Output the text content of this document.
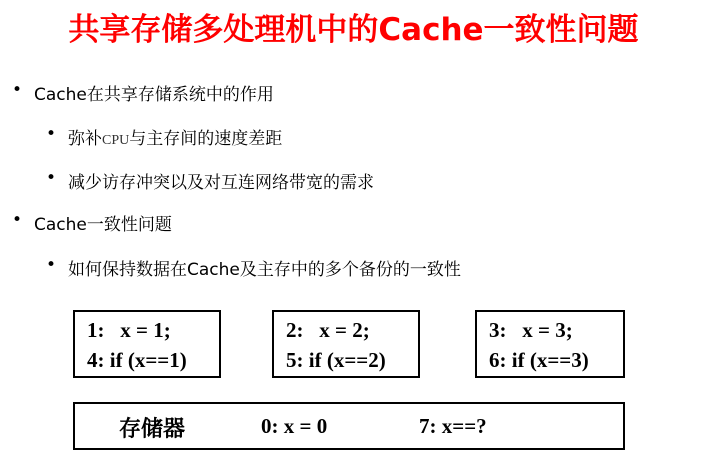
共享存储多处理机中的Cache一致性问题
• Cache在共享存储系统中的作用
• 弥补CPU与主存间的速度差距
• 减少访存冲突以及对互连网络带宽的需求
• Cache一致性问题
• 如何保持数据在Cache及主存中的多个备份的一致性
1:   x = 1;
4: if (x==1)
2:   x = 2;
5: if (x==2)
3:   x = 3;
6: if (x==3)
存储器	0: x = 0	7: x==?
